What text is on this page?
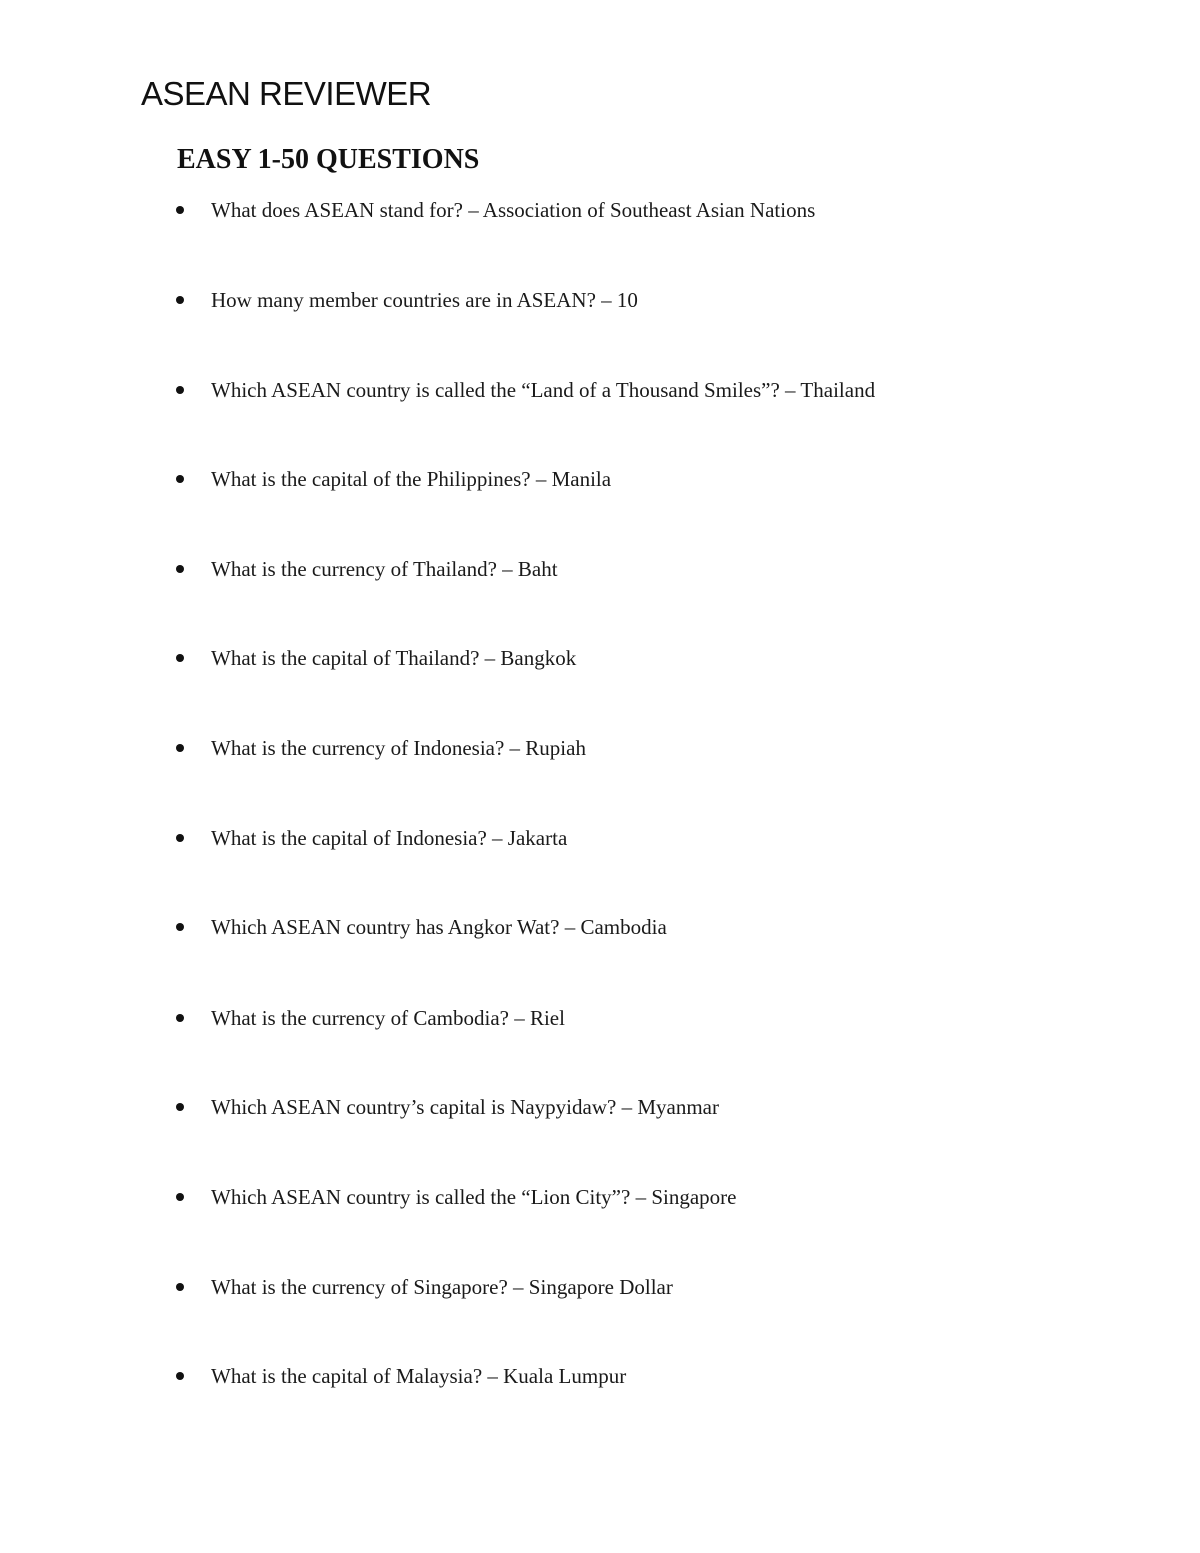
ASEAN REVIEWER
EASY 1-50 QUESTIONS
What does ASEAN stand for? – Association of Southeast Asian Nations
How many member countries are in ASEAN? – 10
Which ASEAN country is called the “Land of a Thousand Smiles”? – Thailand
What is the capital of the Philippines? – Manila
What is the currency of Thailand? – Baht
What is the capital of Thailand? – Bangkok
What is the currency of Indonesia? – Rupiah
What is the capital of Indonesia? – Jakarta
Which ASEAN country has Angkor Wat? – Cambodia
What is the currency of Cambodia? – Riel
Which ASEAN country’s capital is Naypyidaw? – Myanmar
Which ASEAN country is called the “Lion City”? – Singapore
What is the currency of Singapore? – Singapore Dollar
What is the capital of Malaysia? – Kuala Lumpur
